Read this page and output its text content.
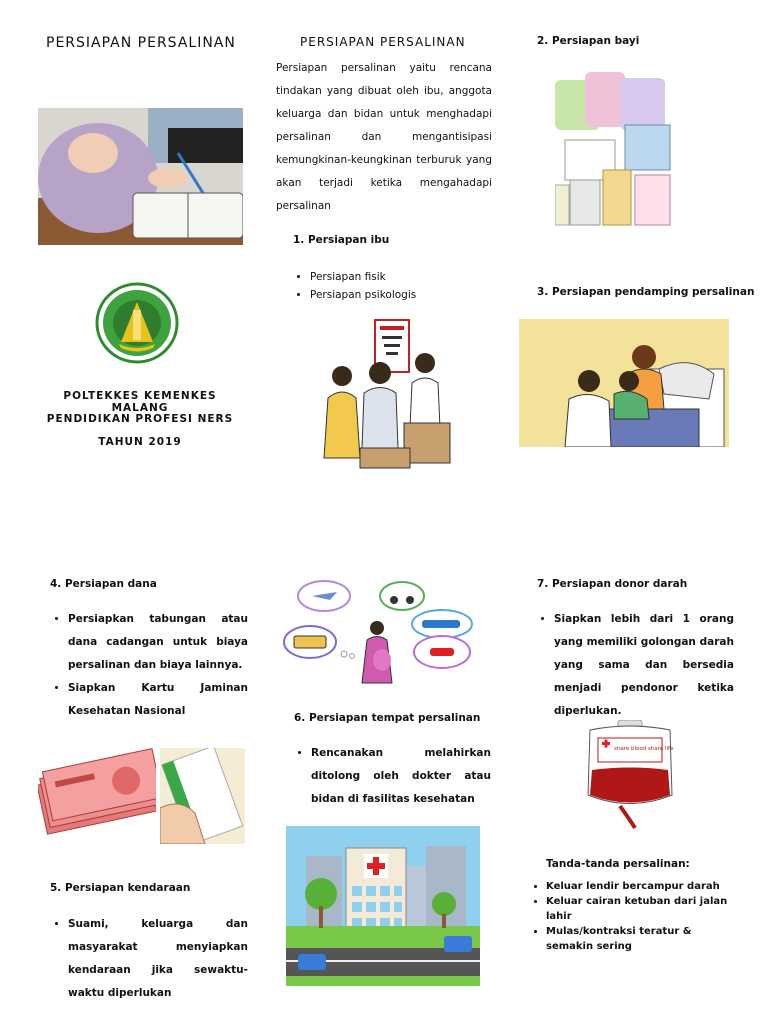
PERSIAPAN PERSALINAN
POLTEKKES KEMENKES MALANG
PENDIDIKAN PROFESI NERS
TAHUN 2019
PERSIAPAN PERSALINAN
Persiapan persalinan yaitu rencana tindakan yang dibuat oleh ibu, anggota keluarga dan bidan untuk menghadapi persalinan dan mengantisipasi kemungkinan-keungkinan terburuk yang akan terjadi ketika mengahadapi persalinan
1. Persiapan ibu
• Persiapan fisik
• Persiapan psikologis
2. Persiapan bayi
3. Persiapan pendamping persalinan
4. Persiapan dana
• Persiapkan tabungan atau dana cadangan untuk biaya persalinan dan biaya lainnya.
• Siapkan Kartu Jaminan Kesehatan Nasional
5. Persiapan kendaraan
• Suami, keluarga dan masyarakat menyiapkan kendaraan jika sewaktu-waktu diperlukan
6. Persiapan tempat persalinan
• Rencanakan melahirkan ditolong oleh dokter atau bidan di fasilitas kesehatan
7. Persiapan donor darah
• Siapkan lebih dari 1 orang yang memiliki golongan darah yang sama dan bersedia menjadi pendonor ketika diperlukan.
share blood share life
Tanda-tanda persalinan:
• Keluar lendir bercampur darah
• Keluar cairan ketuban dari jalan lahir
• Mulas/kontraksi teratur & semakin sering
